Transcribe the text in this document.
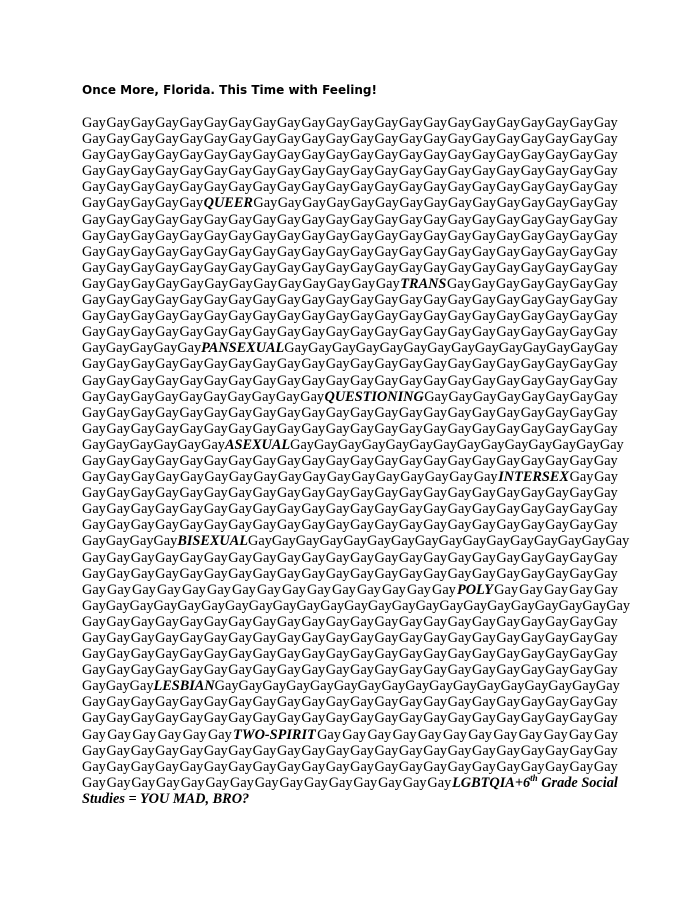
Once More, Florida. This Time with Feeling!
Gay Gay Gay Gay Gay Gay Gay Gay Gay Gay Gay Gay Gay Gay Gay Gay Gay Gay Gay Gay Gay Gay
Gay Gay Gay Gay Gay Gay Gay Gay Gay Gay Gay Gay Gay Gay Gay Gay Gay Gay Gay Gay Gay Gay
Gay Gay Gay Gay Gay Gay Gay Gay Gay Gay Gay Gay Gay Gay Gay Gay Gay Gay Gay Gay Gay Gay
Gay Gay Gay Gay Gay Gay Gay Gay Gay Gay Gay Gay Gay Gay Gay Gay Gay Gay Gay Gay Gay Gay
Gay Gay Gay Gay Gay Gay Gay Gay Gay Gay Gay Gay Gay Gay Gay Gay Gay Gay Gay Gay Gay Gay
Gay Gay Gay Gay Gay QUEER Gay Gay Gay Gay Gay Gay Gay Gay Gay Gay Gay Gay Gay Gay Gay
Gay Gay Gay Gay Gay Gay Gay Gay Gay Gay Gay Gay Gay Gay Gay Gay Gay Gay Gay Gay Gay Gay
Gay Gay Gay Gay Gay Gay Gay Gay Gay Gay Gay Gay Gay Gay Gay Gay Gay Gay Gay Gay Gay Gay
Gay Gay Gay Gay Gay Gay Gay Gay Gay Gay Gay Gay Gay Gay Gay Gay Gay Gay Gay Gay Gay Gay
Gay Gay Gay Gay Gay Gay Gay Gay Gay Gay Gay Gay Gay Gay Gay Gay Gay Gay Gay Gay Gay Gay
Gay Gay Gay Gay Gay Gay Gay Gay Gay Gay Gay Gay Gay TRANS Gay Gay Gay Gay Gay Gay Gay
Gay Gay Gay Gay Gay Gay Gay Gay Gay Gay Gay Gay Gay Gay Gay Gay Gay Gay Gay Gay Gay Gay
Gay Gay Gay Gay Gay Gay Gay Gay Gay Gay Gay Gay Gay Gay Gay Gay Gay Gay Gay Gay Gay Gay
Gay Gay Gay Gay Gay Gay Gay Gay Gay Gay Gay Gay Gay Gay Gay Gay Gay Gay Gay Gay Gay Gay
Gay Gay Gay Gay Gay PANSEXUAL Gay Gay Gay Gay Gay Gay Gay Gay Gay Gay Gay Gay Gay Gay
Gay Gay Gay Gay Gay Gay Gay Gay Gay Gay Gay Gay Gay Gay Gay Gay Gay Gay Gay Gay Gay Gay
Gay Gay Gay Gay Gay Gay Gay Gay Gay Gay Gay Gay Gay Gay Gay Gay Gay Gay Gay Gay Gay Gay
Gay Gay Gay Gay Gay Gay Gay Gay Gay Gay QUESTIONING Gay Gay Gay Gay Gay Gay Gay Gay
Gay Gay Gay Gay Gay Gay Gay Gay Gay Gay Gay Gay Gay Gay Gay Gay Gay Gay Gay Gay Gay Gay
Gay Gay Gay Gay Gay Gay Gay Gay Gay Gay Gay Gay Gay Gay Gay Gay Gay Gay Gay Gay Gay Gay
Gay Gay Gay Gay Gay Gay ASEXUAL Gay Gay Gay Gay Gay Gay Gay Gay Gay Gay Gay Gay Gay Gay
Gay Gay Gay Gay Gay Gay Gay Gay Gay Gay Gay Gay Gay Gay Gay Gay Gay Gay Gay Gay Gay Gay
Gay Gay Gay Gay Gay Gay Gay Gay Gay Gay Gay Gay Gay Gay Gay Gay Gay INTERSEX Gay Gay
Gay Gay Gay Gay Gay Gay Gay Gay Gay Gay Gay Gay Gay Gay Gay Gay Gay Gay Gay Gay Gay Gay
Gay Gay Gay Gay Gay Gay Gay Gay Gay Gay Gay Gay Gay Gay Gay Gay Gay Gay Gay Gay Gay Gay
Gay Gay Gay Gay Gay Gay Gay Gay Gay Gay Gay Gay Gay Gay Gay Gay Gay Gay Gay Gay Gay Gay
Gay Gay Gay Gay BISEXUAL Gay Gay Gay Gay Gay Gay Gay Gay Gay Gay Gay Gay Gay Gay Gay Gay
Gay Gay Gay Gay Gay Gay Gay Gay Gay Gay Gay Gay Gay Gay Gay Gay Gay Gay Gay Gay Gay Gay
Gay Gay Gay Gay Gay Gay Gay Gay Gay Gay Gay Gay Gay Gay Gay Gay Gay Gay Gay Gay Gay Gay
Gay Gay Gay Gay Gay Gay Gay Gay Gay Gay Gay Gay Gay Gay Gay POLY Gay Gay Gay Gay Gay
Gay Gay Gay Gay Gay Gay Gay Gay Gay Gay Gay Gay Gay Gay Gay Gay Gay Gay Gay Gay GayGay Gay
Gay Gay Gay Gay Gay Gay Gay Gay Gay Gay Gay Gay Gay Gay Gay Gay Gay Gay Gay Gay Gay Gay
Gay Gay Gay Gay Gay Gay Gay Gay Gay Gay Gay Gay Gay Gay Gay Gay Gay Gay Gay Gay Gay Gay
Gay Gay Gay Gay Gay Gay Gay Gay Gay Gay Gay Gay Gay Gay Gay Gay Gay Gay Gay Gay Gay Gay
Gay Gay Gay Gay Gay Gay Gay Gay Gay Gay Gay Gay Gay Gay Gay Gay Gay Gay Gay Gay Gay Gay
Gay Gay Gay LESBIAN Gay Gay Gay Gay Gay Gay Gay Gay Gay Gay Gay Gay Gay Gay Gay Gay Gay
Gay Gay Gay Gay Gay Gay Gay Gay Gay Gay Gay Gay Gay Gay Gay Gay Gay Gay Gay Gay Gay Gay
Gay Gay Gay Gay Gay Gay Gay Gay Gay Gay Gay Gay Gay Gay Gay Gay Gay Gay Gay Gay Gay Gay
Gay Gay Gay Gay Gay Gay TWO-SPIRIT Gay Gay Gay Gay Gay Gay Gay Gay Gay Gay Gay Gay
Gay Gay Gay Gay Gay Gay Gay Gay Gay Gay Gay Gay Gay Gay Gay Gay Gay Gay Gay Gay Gay Gay
Gay Gay Gay Gay Gay Gay Gay Gay Gay Gay Gay Gay Gay Gay Gay Gay Gay Gay Gay Gay Gay Gay
Gay Gay Gay Gay Gay Gay Gay Gay Gay Gay Gay Gay Gay Gay Gay LGBTQIA+6th Grade Social
Studies = YOU MAD, BRO?
